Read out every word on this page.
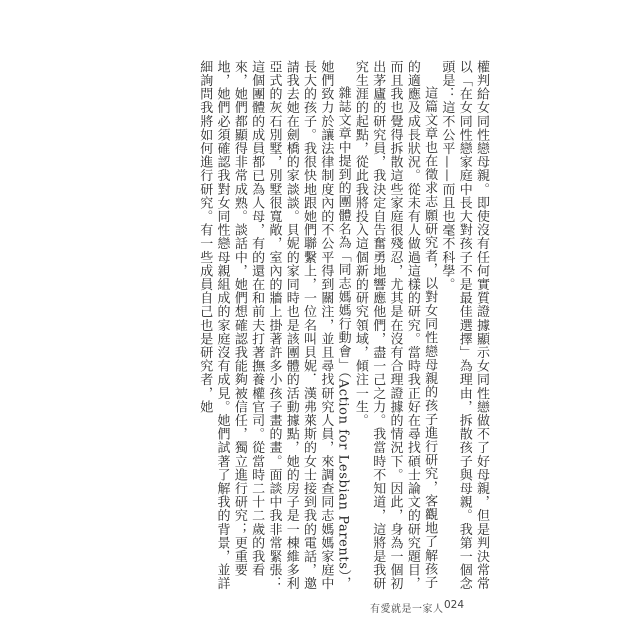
權判給女同性戀母親。即使沒有任何實質證據顯示女同性戀做不了好母親，但是判決常常以「在女同性戀家庭中長大對孩子不是最佳選擇」為理由，拆散孩子與母親。我第一個念頭是：這不公平——而且也毫不科學。

這篇文章也在徵求志願研究者，以對女同性戀母親的孩子進行研究，客觀地了解孩子的適應及成長狀況。從未有人做過這樣的研究。當時我正好在尋找碩士論文的研究題目，而且我也覺得拆散這些家庭很殘忍，尤其是在沒有合理證據的情況下。因此，身為一個初出茅廬的研究員，我決定自告奮勇地響應他們，盡一己之力。我當時不知道，這將是我研究生涯的起點，從此我將投入這個新的研究領域，傾注一生。

雜誌文章中提到的團體名為「同志媽媽行動會」（Action for Lesbian Parents），她們致力於讓法律制度內的不公平得到關注，並且尋找研究人員，來調查同志媽媽家庭中長大的孩子。我很快地跟她們聯繫上，一位名叫貝妮．漢弗萊斯的女士接到我的電話，邀請我去她在劍橋的家談談。貝妮的家同時也是該團體的活動據點，她的房子是一棟維多利亞式的灰石別墅，別墅很寬敞，室內的牆上掛著許多小孩子畫的畫。面談中我非常緊張：這個團體的成員都已為人母，有的還在和前夫打著撫養權官司。從當時二十二歲的我看來，她們都顯得非常成熟。談話中，她們想確認我能夠被信任，獨立進行研究；更重要地，她們必須確認我對女同性戀母親組成的家庭沒有成見。她們試著了解我的背景，並詳細詢問我將如何進行研究。有一些成員自己也是研究者，她

有愛就是一家人 024
